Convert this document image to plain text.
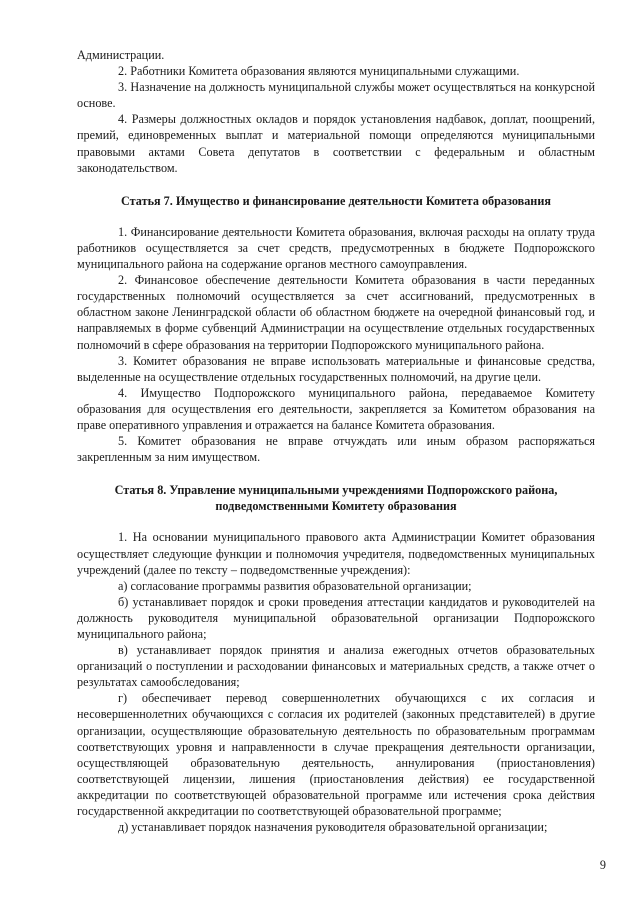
Администрации.

2. Работники Комитета образования являются муниципальными служащими.

3. Назначение на должность муниципальной службы может осуществляться на конкурсной основе.

4. Размеры должностных окладов и порядок установления надбавок, доплат, поощрений, премий, единовременных выплат и материальной помощи определяются муниципальными правовыми актами Совета депутатов в соответствии с федеральным и областным законодательством.

Статья 7. Имущество и финансирование деятельности Комитета образования

1. Финансирование деятельности Комитета образования, включая расходы на оплату труда работников осуществляется за счет средств, предусмотренных в бюджете Подпорожского муниципального района на содержание органов местного самоуправления.

2. Финансовое обеспечение деятельности Комитета образования в части переданных государственных полномочий осуществляется за счет ассигнований, предусмотренных в областном законе Ленинградской области об областном бюджете на очередной финансовый год, и направляемых в форме субвенций Администрации на осуществление отдельных государственных полномочий в сфере образования на территории Подпорожского муниципального района.

3. Комитет образования не вправе использовать материальные и финансовые средства, выделенные на осуществление отдельных государственных полномочий, на другие цели.

4. Имущество Подпорожского муниципального района, передаваемое Комитету образования для осуществления его деятельности, закрепляется за Комитетом образования на праве оперативного управления и отражается на балансе Комитета образования.

5. Комитет образования не вправе отчуждать или иным образом распоряжаться закрепленным за ним имуществом.

Статья 8. Управление муниципальными учреждениями Подпорожского района,

подведомственными Комитету образования

1. На основании муниципального правового акта Администрации Комитет образования осуществляет следующие функции и полномочия учредителя, подведомственных муниципальных учреждений (далее по тексту – подведомственные учреждения):

а) согласование программы развития образовательной организации;

б) устанавливает порядок и сроки проведения аттестации кандидатов и руководителей на должность руководителя муниципальной образовательной организации Подпорожского муниципального района;

в) устанавливает порядок принятия и анализа ежегодных отчетов образовательных организаций о поступлении и расходовании финансовых и материальных средств, а также отчет о результатах самообследования;

г) обеспечивает перевод совершеннолетних обучающихся с их согласия и несовершеннолетних обучающихся с согласия их родителей (законных представителей) в другие организации, осуществляющие образовательную деятельность по образовательным программам соответствующих уровня и направленности в случае прекращения деятельности организации, осуществляющей образовательную деятельность, аннулирования (приостановления) соответствующей лицензии, лишения (приостановления действия) ее государственной аккредитации по соответствующей образовательной программе или истечения срока действия государственной аккредитации по соответствующей образовательной программе;

д) устанавливает порядок назначения руководителя образовательной организации;

9
